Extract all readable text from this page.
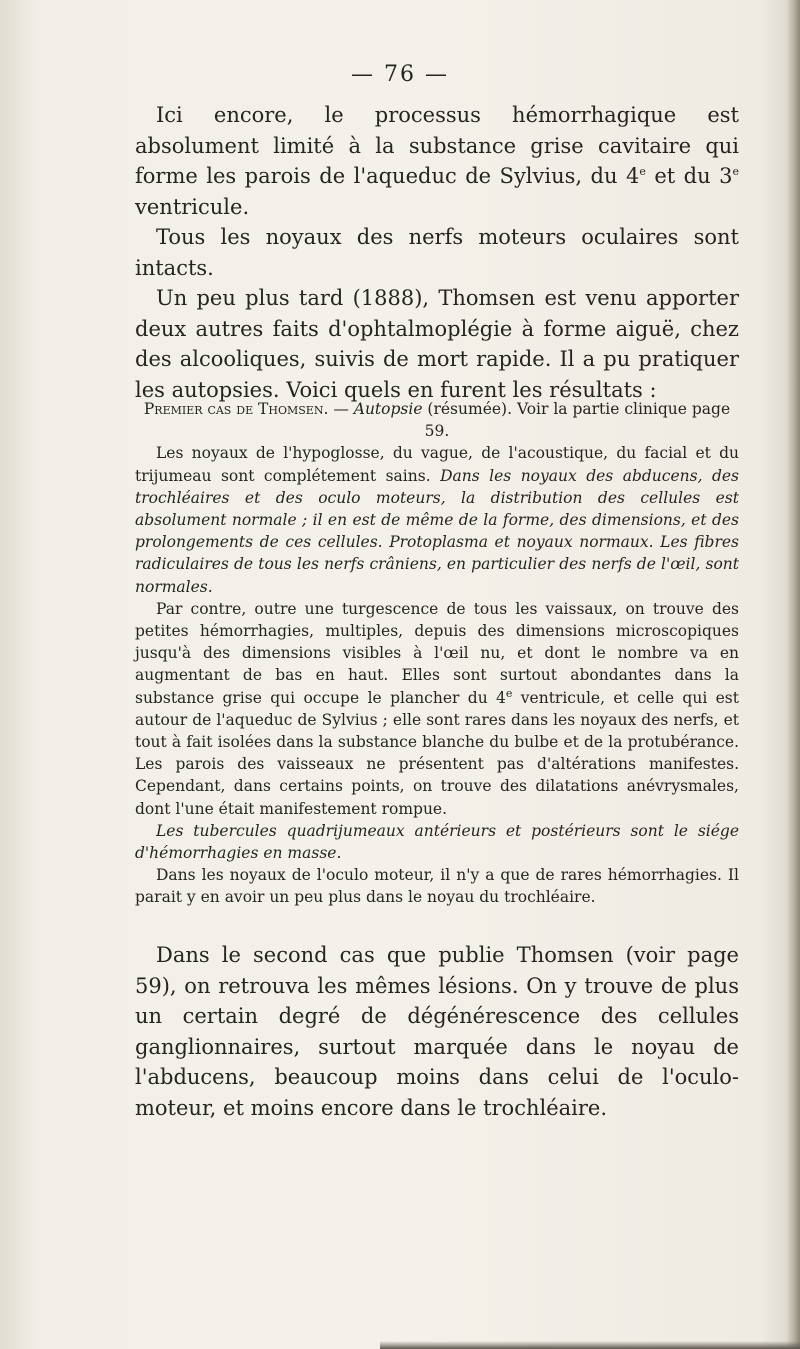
— 76 —

Ici encore, le processus hémorrhagique est absolument limité à la substance grise cavitaire qui forme les parois de l'aqueduc de Sylvius, du 4e et du 3e ventricule.

Tous les noyaux des nerfs moteurs oculaires sont intacts.

Un peu plus tard (1888), Thomsen est venu apporter deux autres faits d'ophtalmoplégie à forme aiguë, chez des alcooliques, suivis de mort rapide. Il a pu pratiquer les autopsies. Voici quels en furent les résultats :

Premier cas de Thomsen. — Autopsie (résumée). Voir la partie clinique page 59.

Les noyaux de l'hypoglosse, du vague, de l'acoustique, du facial et du trijumeau sont complétement sains. Dans les noyaux des abducens, des trochléaires et des oculo moteurs, la distribution des cellules est absolument normale ; il en est de même de la forme, des dimensions, et des prolongements de ces cellules. Protoplasma et noyaux normaux. Les fibres radiculaires de tous les nerfs crâniens, en particulier des nerfs de l'œil, sont normales.

Par contre, outre une turgescence de tous les vaissaux, on trouve des petites hémorrhagies, multiples, depuis des dimensions microscopiques jusqu'à des dimensions visibles à l'œil nu, et dont le nombre va en augmentant de bas en haut. Elles sont surtout abondantes dans la substance grise qui occupe le plancher du 4e ventricule, et celle qui est autour de l'aqueduc de Sylvius ; elle sont rares dans les noyaux des nerfs, et tout à fait isolées dans la substance blanche du bulbe et de la protubérance. Les parois des vaisseaux ne présentent pas d'altérations manifestes. Cependant, dans certains points, on trouve des dilatations anévrysmales, dont l'une était manifestement rompue.

Les tubercules quadrijumeaux antérieurs et postérieurs sont le siége d'hémorrhagies en masse.

Dans les noyaux de l'oculo moteur, il n'y a que de rares hémorrhagies. Il parait y en avoir un peu plus dans le noyau du trochléaire.

Dans le second cas que publie Thomsen (voir page 59), on retrouva les mêmes lésions. On y trouve de plus un certain degré de dégénérescence des cellules ganglionnaires, surtout marquée dans le noyau de l'abducens, beaucoup moins dans celui de l'oculo-moteur, et moins encore dans le trochléaire.
